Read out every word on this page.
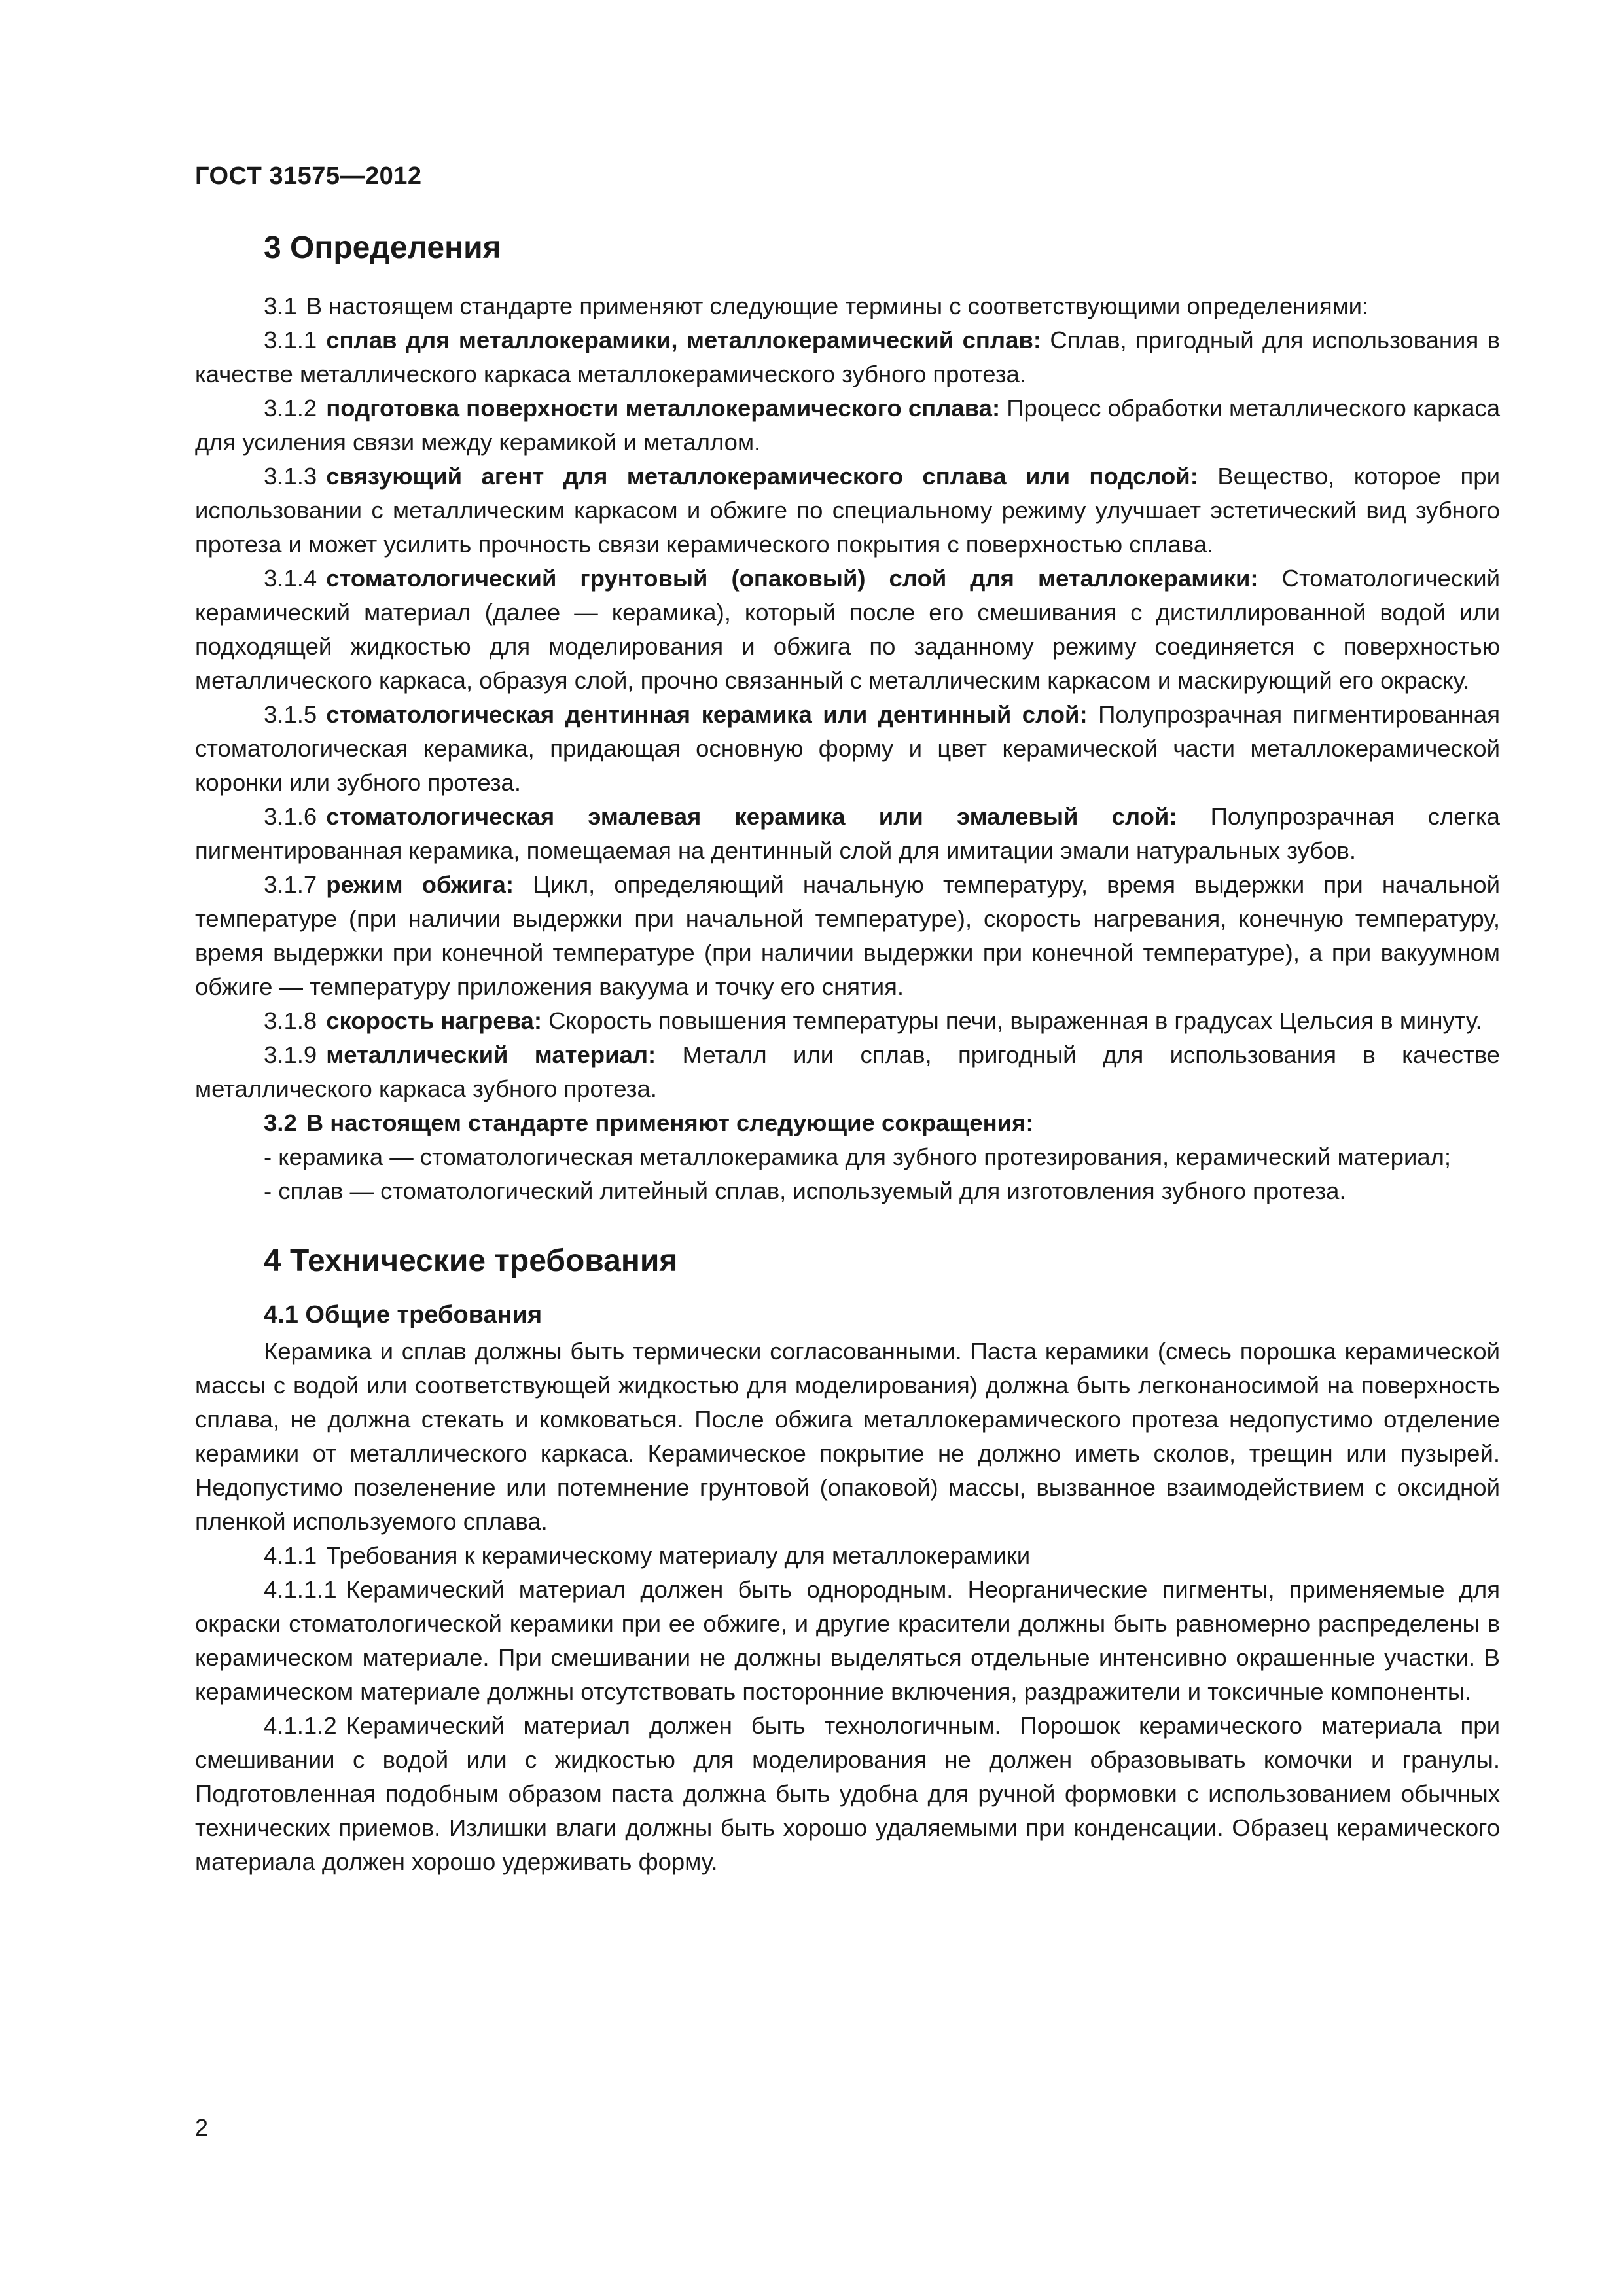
ГОСТ 31575—2012
3 Определения

3.1 В настоящем стандарте применяют следующие термины с соответствующими определениями:

3.1.1 сплав для металлокерамики, металлокерамический сплав: Сплав, пригодный для использования в качестве металлического каркаса металлокерамического зубного протеза.

3.1.2 подготовка поверхности металлокерамического сплава: Процесс обработки металлического каркаса для усиления связи между керамикой и металлом.

3.1.3 связующий агент для металлокерамического сплава или подслой: Вещество, которое при использовании с металлическим каркасом и обжиге по специальному режиму улучшает эстетический вид зубного протеза и может усилить прочность связи керамического покрытия с поверхностью сплава.

3.1.4 стоматологический грунтовый (опаковый) слой для металлокерамики: Стоматологический керамический материал (далее — керамика), который после его смешивания с дистиллированной водой или подходящей жидкостью для моделирования и обжига по заданному режиму соединяется с поверхностью металлического каркаса, образуя слой, прочно связанный с металлическим каркасом и маскирующий его окраску.

3.1.5 стоматологическая дентинная керамика или дентинный слой: Полупрозрачная пигментированная стоматологическая керамика, придающая основную форму и цвет керамической части металлокерамической коронки или зубного протеза.

3.1.6 стоматологическая эмалевая керамика или эмалевый слой: Полупрозрачная слегка пигментированная керамика, помещаемая на дентинный слой для имитации эмали натуральных зубов.

3.1.7 режим обжига: Цикл, определяющий начальную температуру, время выдержки при начальной температуре (при наличии выдержки при начальной температуре), скорость нагревания, конечную температуру, время выдержки при конечной температуре (при наличии выдержки при конечной температуре), а при вакуумном обжиге — температуру приложения вакуума и точку его снятия.

3.1.8 скорость нагрева: Скорость повышения температуры печи, выраженная в градусах Цельсия в минуту.

3.1.9 металлический материал: Металл или сплав, пригодный для использования в качестве металлического каркаса зубного протеза.

3.2 В настоящем стандарте применяют следующие сокращения:

- керамика — стоматологическая металлокерамика для зубного протезирования, керамический материал;

- сплав — стоматологический литейный сплав, используемый для изготовления зубного протеза.

4 Технические требования
4.1 Общие требования

Керамика и сплав должны быть термически согласованными. Паста керамики (смесь порошка керамической массы с водой или соответствующей жидкостью для моделирования) должна быть легконаносимой на поверхность сплава, не должна стекать и комковаться. После обжига металлокерамического протеза недопустимо отделение керамики от металлического каркаса. Керамическое покрытие не должно иметь сколов, трещин или пузырей. Недопустимо позеленение или потемнение грунтовой (опаковой) массы, вызванное взаимодействием с оксидной пленкой используемого сплава.

4.1.1 Требования к керамическому материалу для металлокерамики

4.1.1.1 Керамический материал должен быть однородным. Неорганические пигменты, применяемые для окраски стоматологической керамики при ее обжиге, и другие красители должны быть равномерно распределены в керамическом материале. При смешивании не должны выделяться отдельные интенсивно окрашенные участки. В керамическом материале должны отсутствовать посторонние включения, раздражители и токсичные компоненты.

4.1.1.2 Керамический материал должен быть технологичным. Порошок керамического материала при смешивании с водой или с жидкостью для моделирования не должен образовывать комочки и гранулы. Подготовленная подобным образом паста должна быть удобна для ручной формовки с использованием обычных технических приемов. Излишки влаги должны быть хорошо удаляемыми при конденсации. Образец керамического материала должен хорошо удерживать форму.

2
